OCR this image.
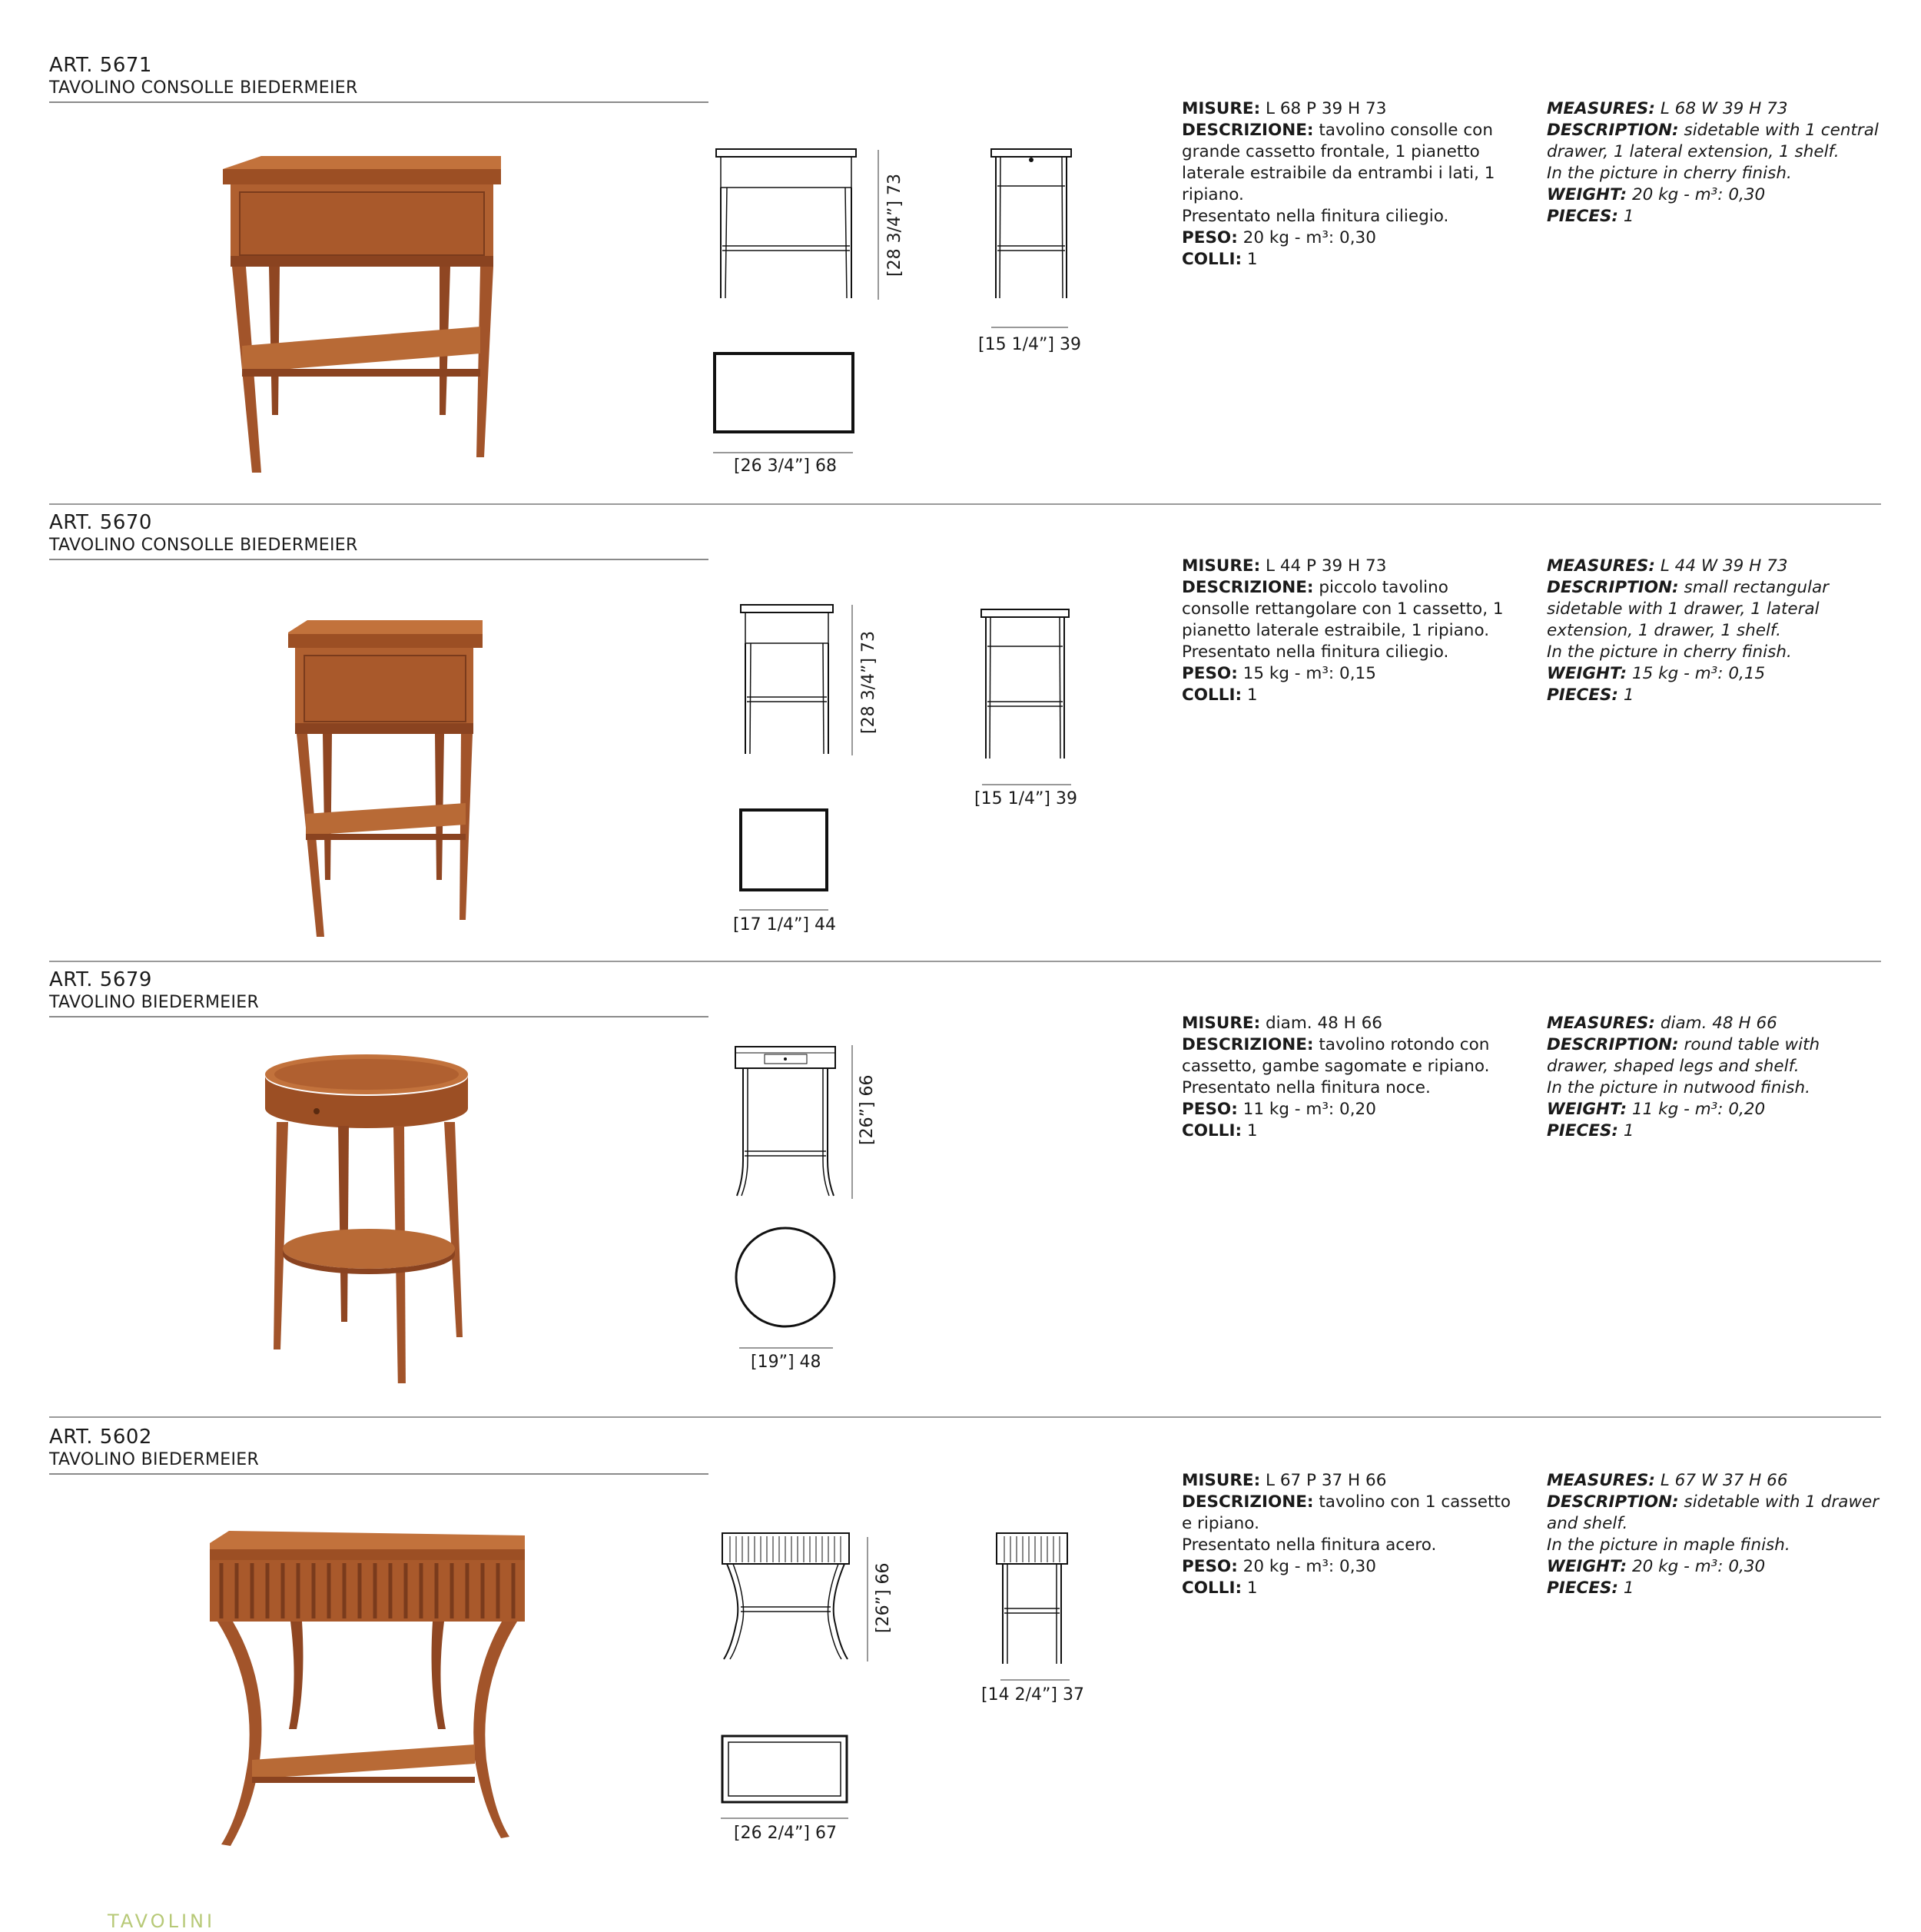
ART. 5671
TAVOLINO CONSOLLE BIEDERMEIER
[28 3/4”] 73
[15 1/4”] 39
[26 3/4”] 68

MISURE: L 68 P 39 H 73

DESCRIZIONE: tavolino consolle con grande cassetto frontale, 1 pianetto laterale estraibile da entrambi i lati, 1 ripiano.

Presentato nella finitura ciliegio.

PESO: 20 kg - m³: 0,30

COLLI: 1

MEASURES: L 68 W 39 H 73

DESCRIPTION: sidetable with 1 central drawer, 1 lateral extension, 1 shelf.

In the picture in cherry finish.

WEIGHT: 20 kg - m³: 0,30

PIECES: 1

ART. 5670
TAVOLINO CONSOLLE BIEDERMEIER
[28 3/4”] 73
[15 1/4”] 39
[17 1/4”] 44

MISURE: L 44 P 39 H 73

DESCRIZIONE: piccolo tavolino consolle rettangolare con 1 cassetto, 1 pianetto laterale estraibile, 1 ripiano.

Presentato nella finitura ciliegio.

PESO: 15 kg - m³: 0,15

COLLI: 1

MEASURES: L 44 W 39 H 73

DESCRIPTION: small rectangular sidetable with 1 drawer, 1 lateral extension, 1 drawer, 1 shelf.

In the picture in cherry finish.

WEIGHT: 15 kg - m³: 0,15

PIECES: 1

ART. 5679
TAVOLINO BIEDERMEIER
[26”] 66
[19”] 48

MISURE: diam. 48 H 66

DESCRIZIONE: tavolino rotondo con cassetto, gambe sagomate e ripiano.

Presentato nella finitura noce.

PESO: 11 kg - m³: 0,20

COLLI: 1

MEASURES: diam. 48 H 66

DESCRIPTION: round table with drawer, shaped legs and shelf.

In the picture in nutwood finish.

WEIGHT: 11 kg - m³: 0,20

PIECES: 1

ART. 5602
TAVOLINO BIEDERMEIER
[26”] 66
[14 2/4”] 37
[26 2/4”] 67

MISURE: L 67 P 37 H 66

DESCRIZIONE: tavolino con 1 cassetto e ripiano.

Presentato nella finitura acero.

PESO: 20 kg - m³: 0,30

COLLI: 1

MEASURES: L 67 W 37 H 66

DESCRIPTION: sidetable with 1 drawer and shelf.

In the picture in maple finish.

WEIGHT: 20 kg - m³: 0,30

PIECES: 1

TAVOLINI
